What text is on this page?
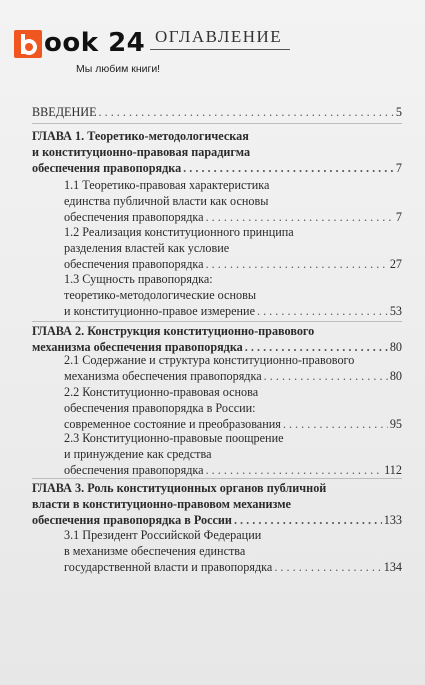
ook 24
Мы любим книги!
ОГЛАВЛЕНИЕ
ВВЕДЕНИЕ . . .	5
ГЛАВА 1. Теоретико-методологическая
и конституционно-правовая парадигма
обеспечения правопорядка . . .	7
1.1 Теоретико-правовая характеристика
единства публичной власти как основы
обеспечения правопорядка . . .	7
1.2 Реализация конституционного принципа
разделения властей как условие
обеспечения правопорядка . . .	27
1.3 Сущность правопорядка:
теоретико-методологические основы
и конституционно-правое измерение . . .	53
ГЛАВА 2. Конструкция конституционно-правового
механизма обеспечения правопорядка . . .	80
2.1 Содержание и структура конституционно-правового
механизма обеспечения правопорядка . . .	80
2.2 Конституционно-правовая основа
обеспечения правопорядка в России:
современное состояние и преобразования . . .	95
2.3 Конституционно-правовые поощрение
и принуждение как средства
обеспечения правопорядка . . .	112
ГЛАВА 3. Роль конституционных органов публичной
власти в конституционно-правовом механизме
обеспечения правопорядка в России . . .	133
3.1 Президент Российской Федерации
в механизме обеспечения единства
государственной власти и правопорядка . . .	134
